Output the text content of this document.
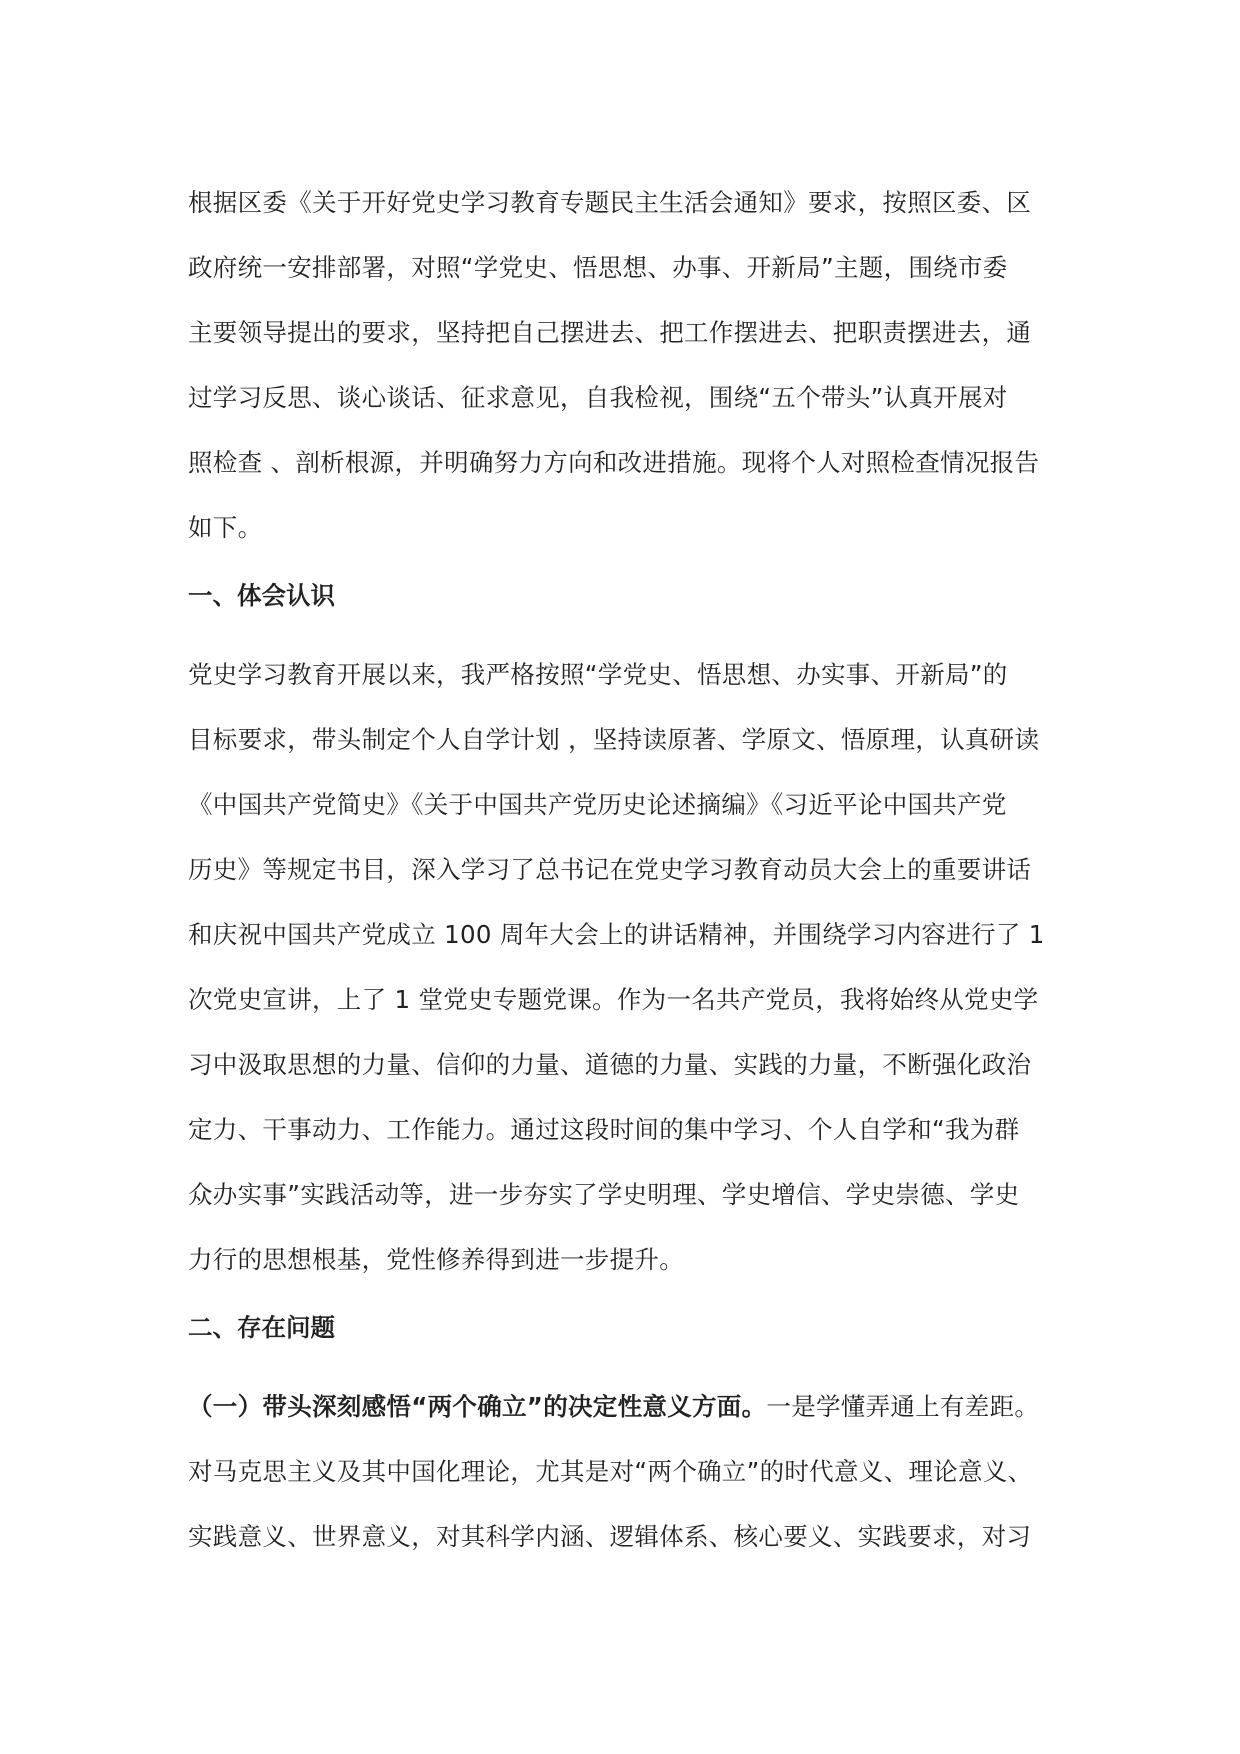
根据区委《关于开好党史学习教育专题民主生活会通知》要求，按照区委、区
政府统一安排部署，对照“学党史、悟思想、办事、开新局”主题，围绕市委
主要领导提出的要求，坚持把自己摆进去、把工作摆进去、把职责摆进去，通
过学习反思、谈心谈话、征求意见，自我检视，围绕“五个带头”认真开展对
照检查 、剖析根源，并明确努力方向和改进措施。现将个人对照检查情况报告
如下。
一、体会认识
党史学习教育开展以来，我严格按照“学党史、悟思想、办实事、开新局”的
目标要求，带头制定个人自学计划 ，坚持读原著、学原文、悟原理，认真研读
《中国共产党简史》《关于中国共产党历史论述摘编》《习近平论中国共产党
历史》等规定书目，深入学习了总书记在党史学习教育动员大会上的重要讲话
和庆祝中国共产党成立 100 周年大会上的讲话精神，并围绕学习内容进行了 1
次党史宣讲，上了 1 堂党史专题党课。作为一名共产党员，我将始终从党史学
习中汲取思想的力量、信仰的力量、道德的力量、实践的力量，不断强化政治
定力、干事动力、工作能力。通过这段时间的集中学习、个人自学和“我为群
众办实事”实践活动等，进一步夯实了学史明理、学史增信、学史崇德、学史
力行的思想根基，党性修养得到进一步提升。
二、存在问题
（一）带头深刻感悟“两个确立”的决定性意义方面。一是学懂弄通上有差距。
对马克思主义及其中国化理论，尤其是对“两个确立”的时代意义、理论意义、
实践意义、世界意义，对其科学内涵、逻辑体系、核心要义、实践要求，对习
